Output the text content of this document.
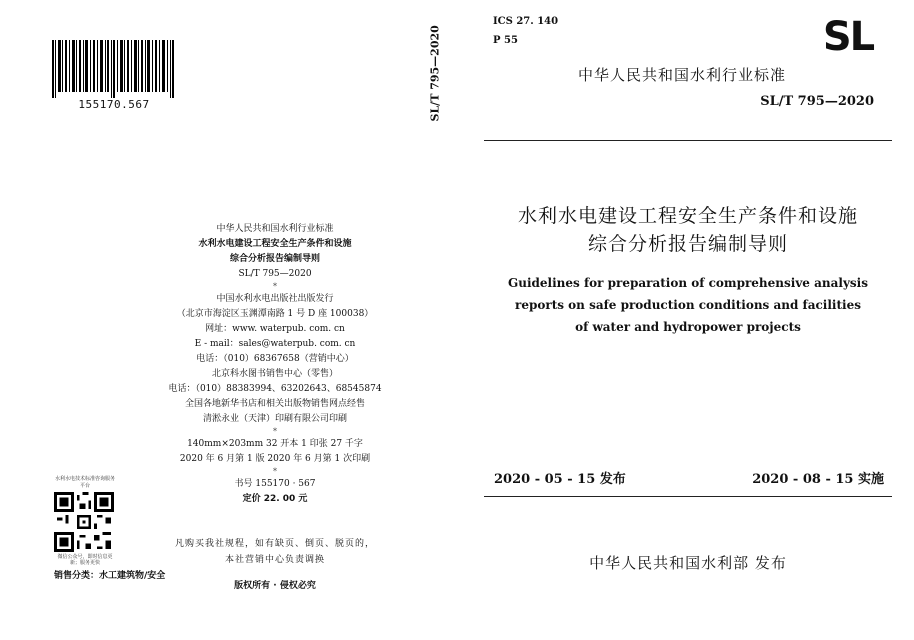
155170.567	SL/T 795—2020
中华人民共和国水利行业标准
水利水电建设工程安全生产条件和设施
综合分析报告编制导则
SL/T 795—2020
*
中国水利水电出版社出版发行
（北京市海淀区玉渊潭南路 1 号 D 座 100038）
网址：www. waterpub. com. cn
E - mail：sales@waterpub. com. cn
电话：（010）68367658（营销中心）
北京科水图书销售中心（零售）
电话：（010）88383994、63202643、68545874
全国各地新华书店和相关出版物销售网点经售
清淞永业（天津）印刷有限公司印刷
*
140mm×203mm 32 开本 1 印张 27 千字
2020 年 6 月第 1 版 2020 年 6 月第 1 次印刷
*
书号 155170 · 567
定价 22. 00 元
水利水电技术标准咨询服务平台
微信公众号，即时信息更新；服务更快
销售分类：水工建筑物/安全
凡购买我社规程，如有缺页、倒页、脱页的，
本社营销中心负责调换
版权所有 · 侵权必究
ICS 27. 140
P 55	SL
中华人民共和国水利行业标准
SL/T 795—2020
水利水电建设工程安全生产条件和设施
综合分析报告编制导则
Guidelines for preparation of comprehensive analysis
reports on safe production conditions and facilities
of water and hydropower projects
2020 - 05 - 15 发布	2020 - 08 - 15 实施
中华人民共和国水利部 发布
